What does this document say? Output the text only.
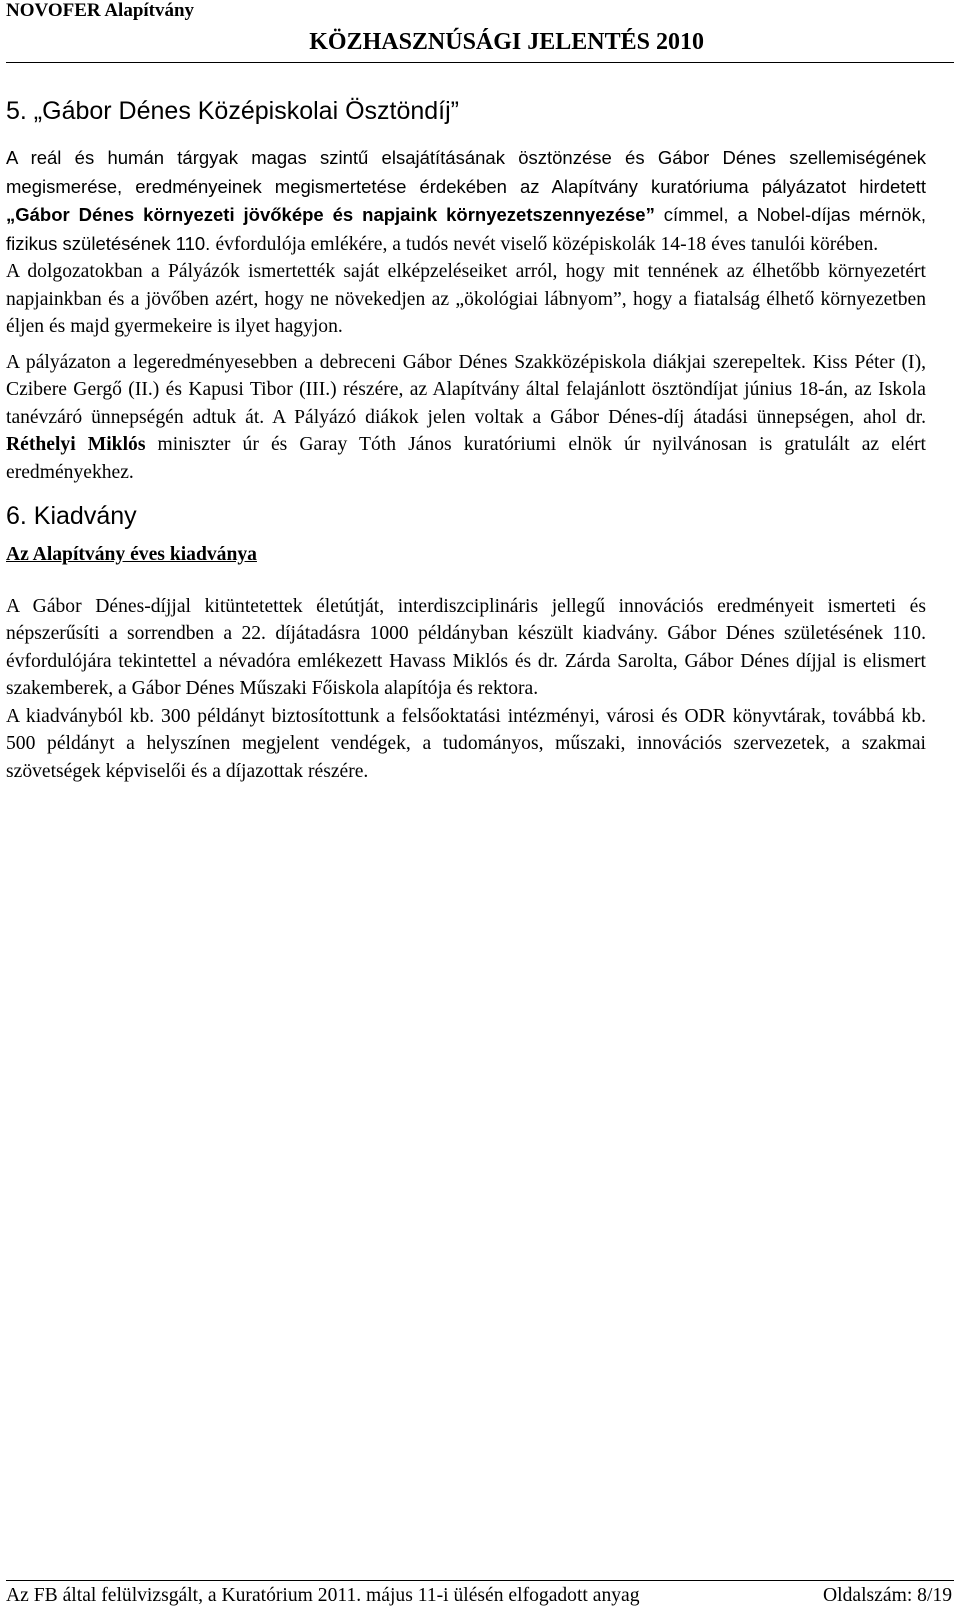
NOVOFER Alapítvány
KÖZHASZNÚSÁGI JELENTÉS 2010
5. „Gábor Dénes Középiskolai Ösztöndíj”

A reál és humán tárgyak magas szintű elsajátításának ösztönzése és Gábor Dénes szellemiségének megismerése, eredményeinek megismertetése érdekében az Alapítvány kuratóriuma pályázatot hirdetett „Gábor Dénes környezeti jövőképe és napjaink környezetszennyezése” címmel, a Nobel-díjas mérnök, fizikus születésének 110. évfordulója emlékére, a tudós nevét viselő középiskolák 14-18 éves tanulói körében.

A dolgozatokban a Pályázók ismertették saját elképzeléseiket arról, hogy mit tennének az élhetőbb környezetért napjainkban és a jövőben azért, hogy ne növekedjen az „ökológiai lábnyom”, hogy a fiatalság élhető környezetben éljen és majd gyermekeire is ilyet hagyjon.

A pályázaton a legeredményesebben a debreceni Gábor Dénes Szakközépiskola diákjai szerepeltek. Kiss Péter (I), Czibere Gergő (II.) és Kapusi Tibor (III.) részére, az Alapítvány által felajánlott ösztöndíjat június 18-án, az Iskola tanévzáró ünnepségén adtuk át. A Pályázó diákok jelen voltak a Gábor Dénes-díj átadási ünnepségen, ahol dr. Réthelyi Miklós miniszter úr és Garay Tóth János kuratóriumi elnök úr nyilvánosan is gratulált az elért eredményekhez.

6. Kiadvány
Az Alapítvány éves kiadványa

A Gábor Dénes-díjjal kitüntetettek életútját, interdiszciplináris jellegű innovációs eredményeit ismerteti és népszerűsíti a sorrendben a 22. díjátadásra 1000 példányban készült kiadvány. Gábor Dénes születésének 110. évfordulójára tekintettel a névadóra emlékezett Havass Miklós és dr. Zárda Sarolta, Gábor Dénes díjjal is elismert szakemberek, a Gábor Dénes Műszaki Főiskola alapítója és rektora.

A kiadványból kb. 300 példányt biztosítottunk a felsőoktatási intézményi, városi és ODR könyvtárak, továbbá kb. 500 példányt a helyszínen megjelent vendégek, a tudományos, műszaki, innovációs szervezetek, a szakmai szövetségek képviselői és a díjazottak részére.

Az FB által felülvizsgált, a Kuratórium 2011. május 11-i ülésén elfogadott anyag	Oldalszám: 8/19
